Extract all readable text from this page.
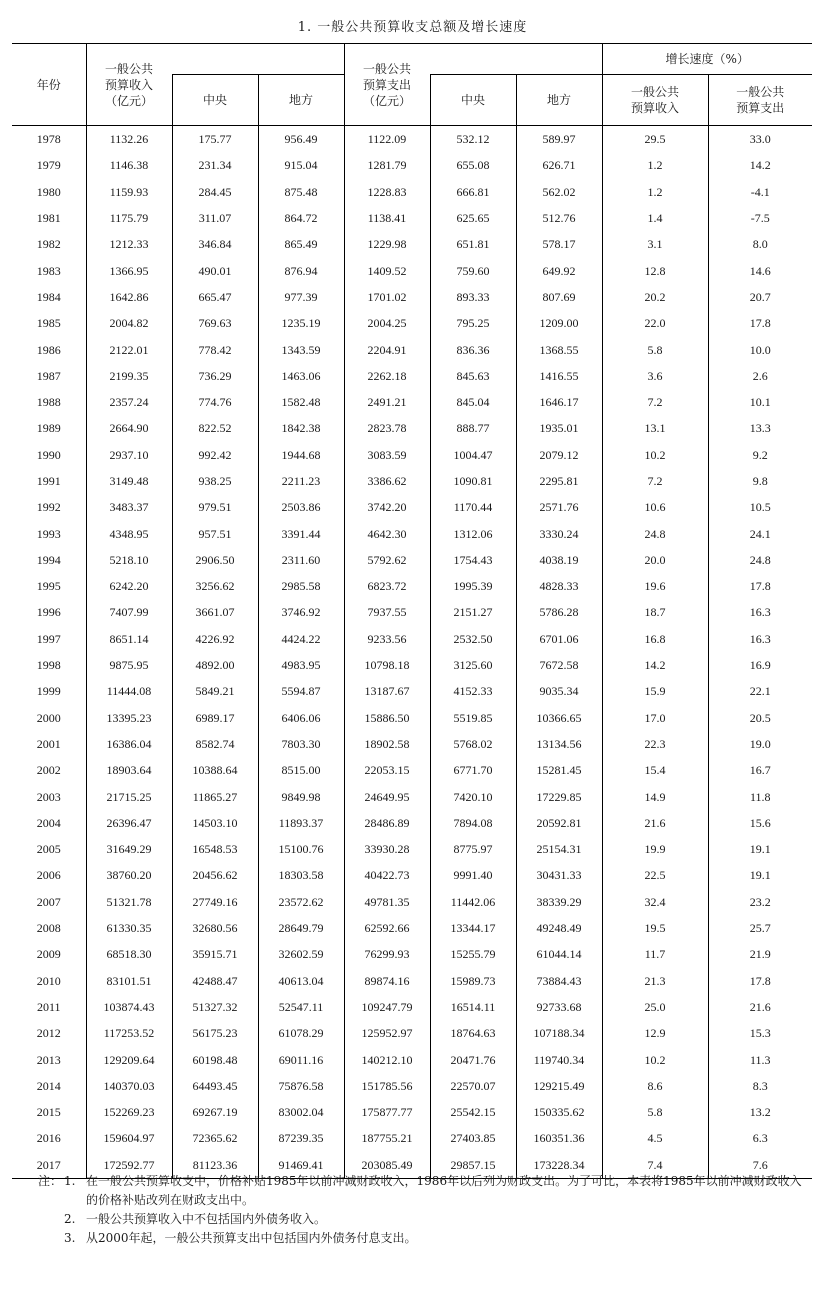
1. 一般公共预算收支总额及增长速度
年份	一般公共
预算收入
（亿元）			一般公共
预算支出
（亿元）			增长速度（%）	
		中央	地方		中央	地方	一般公共
预算收入	一般公共
预算支出
1978	1132.26	175.77	956.49	1122.09	532.12	589.97	29.5	33.0
1979	1146.38	231.34	915.04	1281.79	655.08	626.71	1.2	14.2
1980	1159.93	284.45	875.48	1228.83	666.81	562.02	1.2	-4.1
1981	1175.79	311.07	864.72	1138.41	625.65	512.76	1.4	-7.5
1982	1212.33	346.84	865.49	1229.98	651.81	578.17	3.1	8.0
1983	1366.95	490.01	876.94	1409.52	759.60	649.92	12.8	14.6
1984	1642.86	665.47	977.39	1701.02	893.33	807.69	20.2	20.7
1985	2004.82	769.63	1235.19	2004.25	795.25	1209.00	22.0	17.8
1986	2122.01	778.42	1343.59	2204.91	836.36	1368.55	5.8	10.0
1987	2199.35	736.29	1463.06	2262.18	845.63	1416.55	3.6	2.6
1988	2357.24	774.76	1582.48	2491.21	845.04	1646.17	7.2	10.1
1989	2664.90	822.52	1842.38	2823.78	888.77	1935.01	13.1	13.3
1990	2937.10	992.42	1944.68	3083.59	1004.47	2079.12	10.2	9.2
1991	3149.48	938.25	2211.23	3386.62	1090.81	2295.81	7.2	9.8
1992	3483.37	979.51	2503.86	3742.20	1170.44	2571.76	10.6	10.5
1993	4348.95	957.51	3391.44	4642.30	1312.06	3330.24	24.8	24.1
1994	5218.10	2906.50	2311.60	5792.62	1754.43	4038.19	20.0	24.8
1995	6242.20	3256.62	2985.58	6823.72	1995.39	4828.33	19.6	17.8
1996	7407.99	3661.07	3746.92	7937.55	2151.27	5786.28	18.7	16.3
1997	8651.14	4226.92	4424.22	9233.56	2532.50	6701.06	16.8	16.3
1998	9875.95	4892.00	4983.95	10798.18	3125.60	7672.58	14.2	16.9
1999	11444.08	5849.21	5594.87	13187.67	4152.33	9035.34	15.9	22.1
2000	13395.23	6989.17	6406.06	15886.50	5519.85	10366.65	17.0	20.5
2001	16386.04	8582.74	7803.30	18902.58	5768.02	13134.56	22.3	19.0
2002	18903.64	10388.64	8515.00	22053.15	6771.70	15281.45	15.4	16.7
2003	21715.25	11865.27	9849.98	24649.95	7420.10	17229.85	14.9	11.8
2004	26396.47	14503.10	11893.37	28486.89	7894.08	20592.81	21.6	15.6
2005	31649.29	16548.53	15100.76	33930.28	8775.97	25154.31	19.9	19.1
2006	38760.20	20456.62	18303.58	40422.73	9991.40	30431.33	22.5	19.1
2007	51321.78	27749.16	23572.62	49781.35	11442.06	38339.29	32.4	23.2
2008	61330.35	32680.56	28649.79	62592.66	13344.17	49248.49	19.5	25.7
2009	68518.30	35915.71	32602.59	76299.93	15255.79	61044.14	11.7	21.9
2010	83101.51	42488.47	40613.04	89874.16	15989.73	73884.43	21.3	17.8
2011	103874.43	51327.32	52547.11	109247.79	16514.11	92733.68	25.0	21.6
2012	117253.52	56175.23	61078.29	125952.97	18764.63	107188.34	12.9	15.3
2013	129209.64	60198.48	69011.16	140212.10	20471.76	119740.34	10.2	11.3
2014	140370.03	64493.45	75876.58	151785.56	22570.07	129215.49	8.6	8.3
2015	152269.23	69267.19	83002.04	175877.77	25542.15	150335.62	5.8	13.2
2016	159604.97	72365.62	87239.35	187755.21	27403.85	160351.36	4.5	6.3
2017	172592.77	81123.36	91469.41	203085.49	29857.15	173228.34	7.4	7.6
注： 1. 在一般公共预算收支中，价格补贴1985年以前冲减财政收入，1986年以后列为财政支出。为了可比，本表将1985年以前冲减财政收入的价格补贴改列在财政支出中。
2. 一般公共预算收入中不包括国内外债务收入。
3. 从2000年起，一般公共预算支出中包括国内外债务付息支出。
